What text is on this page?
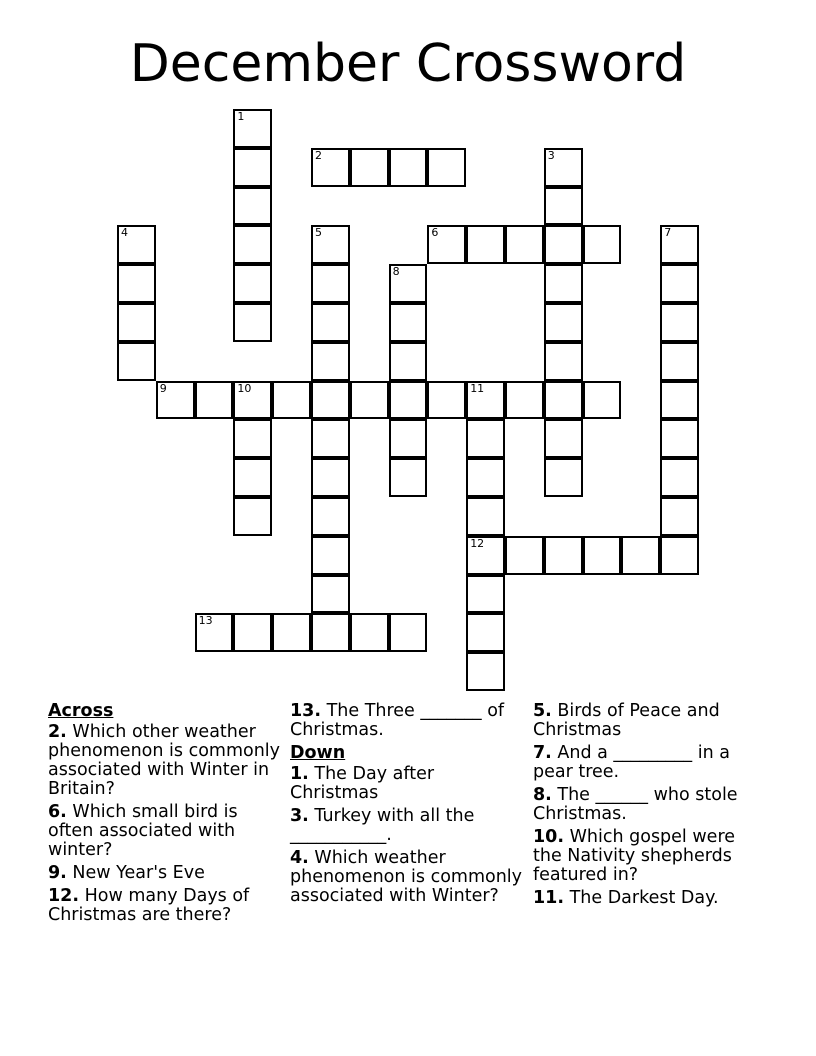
December Crossword
1
2	3
4	5	6	7
8
9	10	11
12
13
Across
2. Which other weather phenomenon is commonly associated with Winter in Britain?
6. Which small bird is often associated with winter?
9. New Year's Eve
12. How many Days of Christmas are there?
13. The Three _______ of Christmas.
Down
1. The Day after Christmas
3. Turkey with all the ___________.
4. Which weather phenomenon is commonly associated with Winter?
5. Birds of Peace and Christmas
7. And a _________ in a pear tree.
8. The ______ who stole Christmas.
10. Which gospel were the Nativity shepherds featured in?
11. The Darkest Day.
